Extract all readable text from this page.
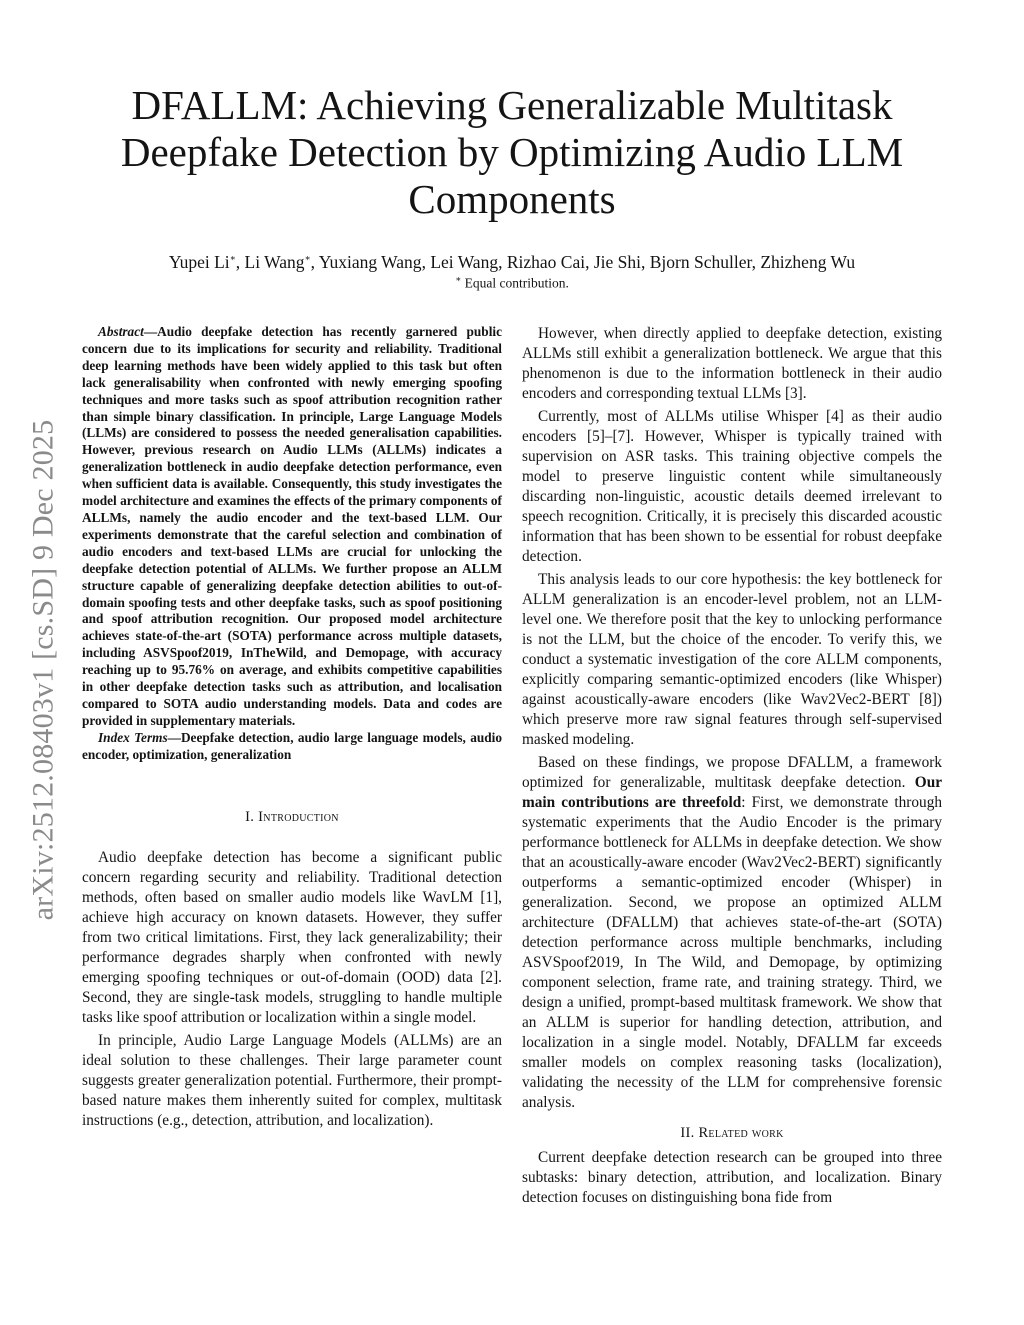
arXiv:2512.08403v1 [cs.SD] 9 Dec 2025
DFALLM: Achieving Generalizable Multitask Deepfake Detection by Optimizing Audio LLM Components
Yupei Li∗, Li Wang∗, Yuxiang Wang, Lei Wang, Rizhao Cai, Jie Shi, Bjorn Schuller, Zhizheng Wu
∗ Equal contribution.

Abstract—Audio deepfake detection has recently garnered public concern due to its implications for security and reliability. Traditional deep learning methods have been widely applied to this task but often lack generalisability when confronted with newly emerging spoofing techniques and more tasks such as spoof attribution recognition rather than simple binary classification. In principle, Large Language Models (LLMs) are considered to possess the needed generalisation capabilities. However, previous research on Audio LLMs (ALLMs) indicates a generalization bottleneck in audio deepfake detection performance, even when sufficient data is available. Consequently, this study investigates the model architecture and examines the effects of the primary components of ALLMs, namely the audio encoder and the text-based LLM. Our experiments demonstrate that the careful selection and combination of audio encoders and text-based LLMs are crucial for unlocking the deepfake detection potential of ALLMs. We further propose an ALLM structure capable of generalizing deepfake detection abilities to out-of-domain spoofing tests and other deepfake tasks, such as spoof positioning and spoof attribution recognition. Our proposed model architecture achieves state-of-the-art (SOTA) performance across multiple datasets, including ASVSpoof2019, InTheWild, and Demopage, with accuracy reaching up to 95.76% on average, and exhibits competitive capabilities in other deepfake detection tasks such as attribution, and localisation compared to SOTA audio understanding models. Data and codes are provided in supplementary materials.

Index Terms—Deepfake detection, audio large language models, audio encoder, optimization, generalization

I. Introduction

Audio deepfake detection has become a significant public concern regarding security and reliability. Traditional detection methods, often based on smaller audio models like WavLM [1], achieve high accuracy on known datasets. However, they suffer from two critical limitations. First, they lack generalizability; their performance degrades sharply when confronted with newly emerging spoofing techniques or out-of-domain (OOD) data [2]. Second, they are single-task models, struggling to handle multiple tasks like spoof attribution or localization within a single model.

In principle, Audio Large Language Models (ALLMs) are an ideal solution to these challenges. Their large parameter count suggests greater generalization potential. Furthermore, their prompt-based nature makes them inherently suited for complex, multitask instructions (e.g., detection, attribution, and localization).

However, when directly applied to deepfake detection, existing ALLMs still exhibit a generalization bottleneck. We argue that this phenomenon is due to the information bottleneck in their audio encoders and corresponding textual LLMs [3].

Currently, most of ALLMs utilise Whisper [4] as their audio encoders [5]–[7]. However, Whisper is typically trained with supervision on ASR tasks. This training objective compels the model to preserve linguistic content while simultaneously discarding non-linguistic, acoustic details deemed irrelevant to speech recognition. Critically, it is precisely this discarded acoustic information that has been shown to be essential for robust deepfake detection.

This analysis leads to our core hypothesis: the key bottleneck for ALLM generalization is an encoder-level problem, not an LLM-level one. We therefore posit that the key to unlocking performance is not the LLM, but the choice of the encoder. To verify this, we conduct a systematic investigation of the core ALLM components, explicitly comparing semantic-optimized encoders (like Whisper) against acoustically-aware encoders (like Wav2Vec2-BERT [8]) which preserve more raw signal features through self-supervised masked modeling.

Based on these findings, we propose DFALLM, a framework optimized for generalizable, multitask deepfake detection. Our main contributions are threefold: First, we demonstrate through systematic experiments that the Audio Encoder is the primary performance bottleneck for ALLMs in deepfake detection. We show that an acoustically-aware encoder (Wav2Vec2-BERT) significantly outperforms a semantic-optimized encoder (Whisper) in generalization. Second, we propose an optimized ALLM architecture (DFALLM) that achieves state-of-the-art (SOTA) detection performance across multiple benchmarks, including ASVSpoof2019, In The Wild, and Demopage, by optimizing component selection, frame rate, and training strategy. Third, we design a unified, prompt-based multitask framework. We show that an ALLM is superior for handling detection, attribution, and localization in a single model. Notably, DFALLM far exceeds smaller models on complex reasoning tasks (localization), validating the necessity of the LLM for comprehensive forensic analysis.

II. Related work

Current deepfake detection research can be grouped into three subtasks: binary detection, attribution, and localization. Binary detection focuses on distinguishing bona fide from
